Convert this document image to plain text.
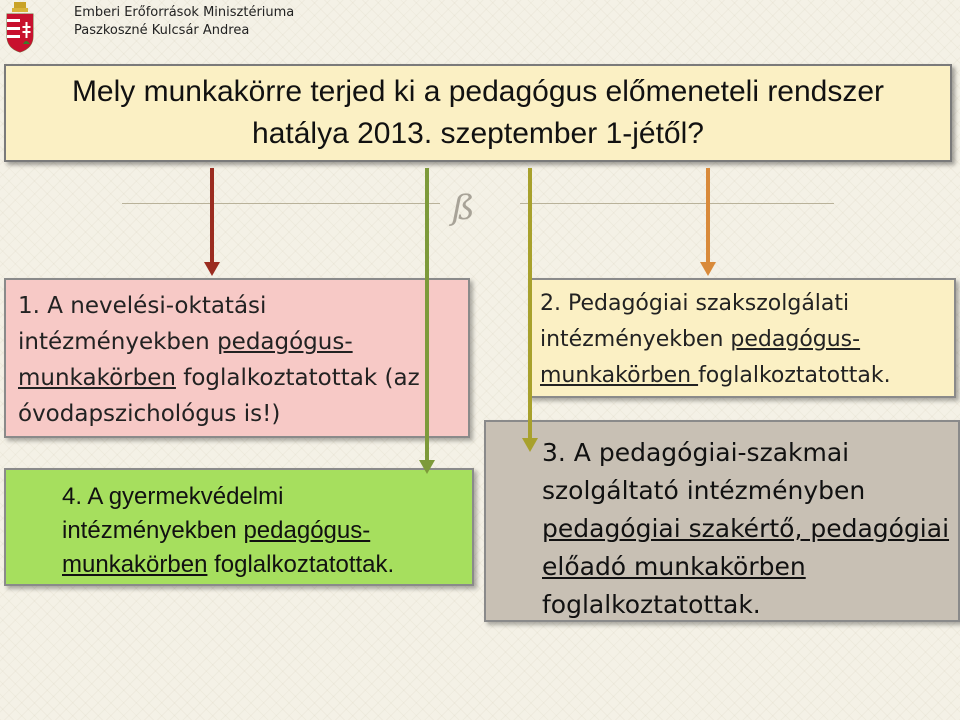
Emberi Erőforrások Minisztériuma
Paszkoszné Kulcsár Andrea
Mely munkakörre terjed ki a pedagógus előmeneteli rendszer
hatálya 2013. szeptember 1-jétől?
ß
1. A nevelési-oktatási
intézményekben pedagógus-
munkakörben foglalkoztatottak (az
óvodapszichológus is!)
2. Pedagógiai szakszolgálati
intézményekben pedagógus-
munkakörben foglalkoztatottak.
3. A pedagógiai-szakmai
szolgáltató intézményben
pedagógiai szakértő, pedagógiai
előadó munkakörben
foglalkoztatottak.
4. A gyermekvédelmi
intézményekben pedagógus-
munkakörben foglalkoztatottak.
